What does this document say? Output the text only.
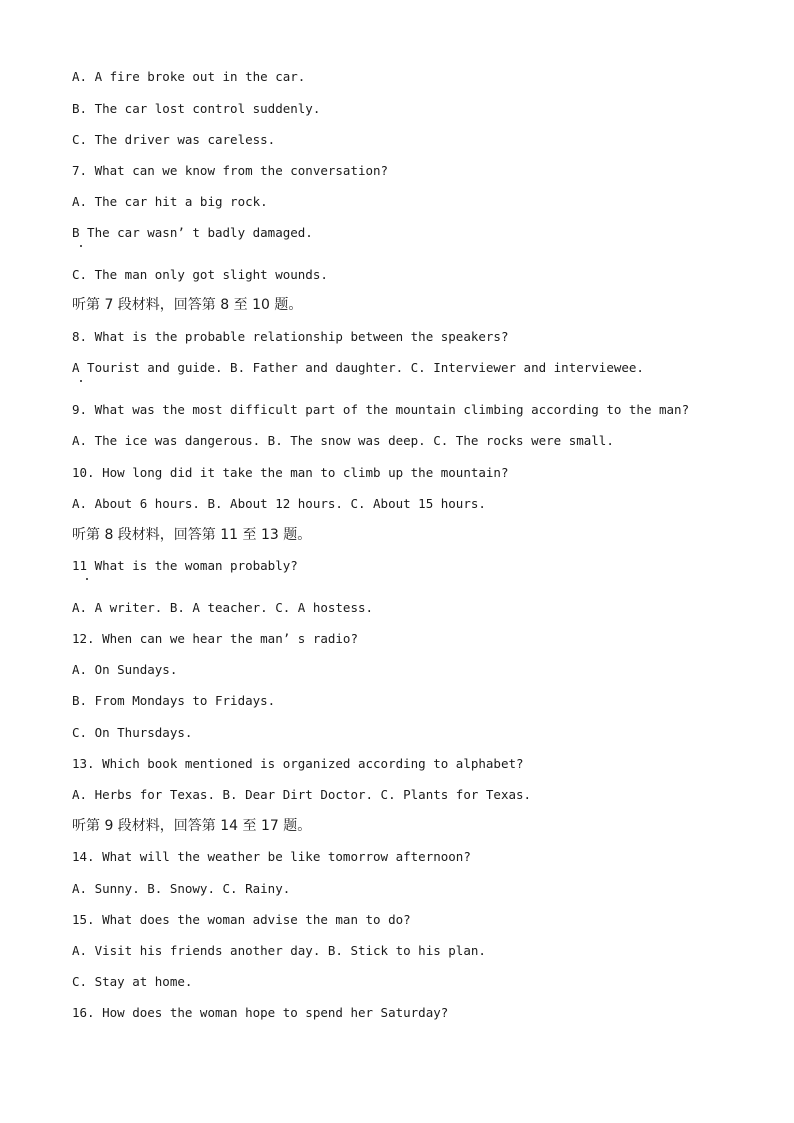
A. A fire broke out in the car.
B. The car lost control suddenly.
C. The driver was careless.
7. What can we know from the conversation?
A. The car hit a big rock.
B The car wasn’ t badly damaged.
C. The man only got slight wounds.
听第 7 段材料，回答第 8 至 10 题。
8. What is the probable relationship between the speakers?
A Tourist and guide. B. Father and daughter. C. Interviewer and interviewee.
9. What was the most difficult part of the mountain climbing according to the man?
A. The ice was dangerous. B. The snow was deep. C. The rocks were small.
10. How long did it take the man to climb up the mountain?
A. About 6 hours. B. About 12 hours. C. About 15 hours.
听第 8 段材料，回答第 11 至 13 题。
11 What is the woman probably?
A. A writer. B. A teacher. C. A hostess.
12. When can we hear the man’ s radio?
A. On Sundays.
B. From Mondays to Fridays.
C. On Thursdays.
13. Which book mentioned is organized according to alphabet?
A. Herbs for Texas. B. Dear Dirt Doctor. C. Plants for Texas.
听第 9 段材料，回答第 14 至 17 题。
14. What will the weather be like tomorrow afternoon?
A. Sunny. B. Snowy. C. Rainy.
15. What does the woman advise the man to do?
A. Visit his friends another day. B. Stick to his plan.
C. Stay at home.
16. How does the woman hope to spend her Saturday?
